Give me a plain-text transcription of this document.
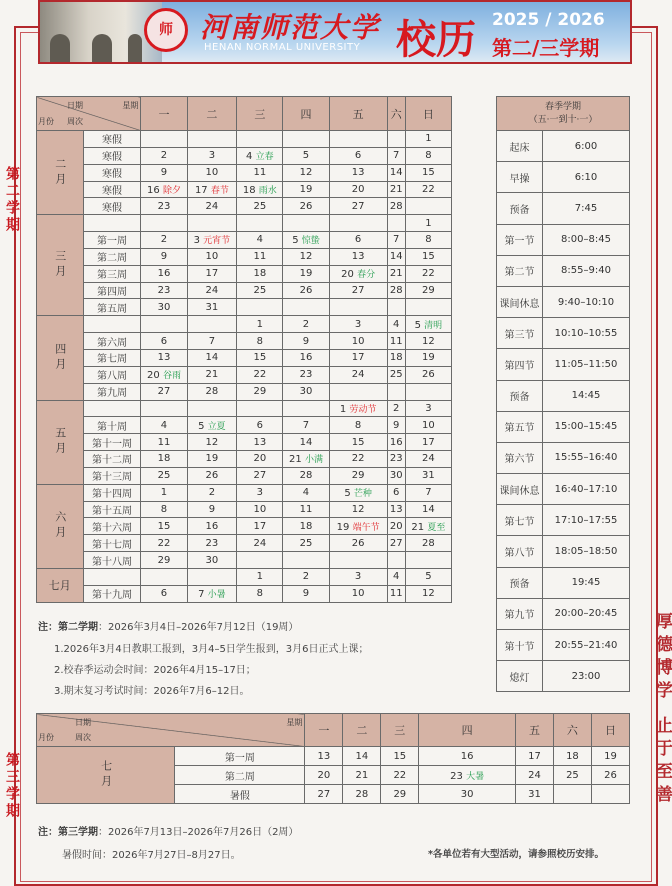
师 河南师范大学
HENAN NORMAL UNIVERSITY 校历 2025 / 2026
第二/三学期
第二学期
第三学期	厚德博学 止于至善
日期 星期
月份 周次		一	二	三	四	五	六	日

二月	寒假							1
	寒假	2	3	4 立春	5	6	7	8
	寒假	9	10	11	12	13	14	15
	寒假	16 除夕	17 春节	18 雨水	19	20	21	22
	寒假	23	24	25	26	27	28	

三月								1
	第一周	2	3 元宵节	4	5 惊蛰	6	7	8
	第二周	9	10	11	12	13	14	15
	第三周	16	17	18	19	20 春分	21	22
	第四周	23	24	25	26	27	28	29
	第五周	30	31					

四月				1	2	3	4	5 清明
	第六周	6	7	8	9	10	11	12
	第七周	13	14	15	16	17	18	19
	第八周	20 谷雨	21	22	23	24	25	26
	第九周	27	28	29	30			

五月						1 劳动节	2	3
	第十周	4	5 立夏	6	7	8	9	10
	第十一周	11	12	13	14	15	16	17
	第十二周	18	19	20	21 小满	22	23	24
	第十三周	25	26	27	28	29	30	31

六月	第十四周	1	2	3	4	5 芒种	6	7
	第十五周	8	9	10	11	12	13	14
	第十六周	15	16	17	18	19 端午节	20	21 夏至
	第十七周	22	23	24	25	26	27	28
	第十八周	29	30					

七月				1	2	3	4	5
	第十九周	6	7 小暑	8	9	10	11	12
春季学期
（五·一到十·一）	

起床	6:00
早操	6:10
预备	7:45
第一节	8:00–8:45
第二节	8:55–9:40
课间休息	9:40–10:10
第三节	10:10–10:55
第四节	11:05–11:50
预备	14:45
第五节	15:00–15:45
第六节	15:55–16:40
课间休息	16:40–17:10
第七节	17:10–17:55
第八节	18:05–18:50
预备	19:45
第九节	20:00–20:45
第十节	20:55–21:40
熄灯	23:00
注：第二学期：2026年3月4日–2026年7月12日（19周）
1.2026年3月4日教职工报到，3月4–5日学生报到，3月6日正式上课；
2.校春季运动会时间：2026年4月15–17日；
3.期末复习考试时间：2026年7月6–12日。
日期 星期
月份 周次		一	二	三	四	五	六	日

七月	第一周	13	14	15	16	17	18	19
	第二周	20	21	22	23 大暑	24	25	26
	暑假	27	28	29	30	31		
注：第三学期：2026年7月13日–2026年7月26日（2周）
暑假时间：2026年7月27日–8月27日。	*各单位若有大型活动，请参照校历安排。
